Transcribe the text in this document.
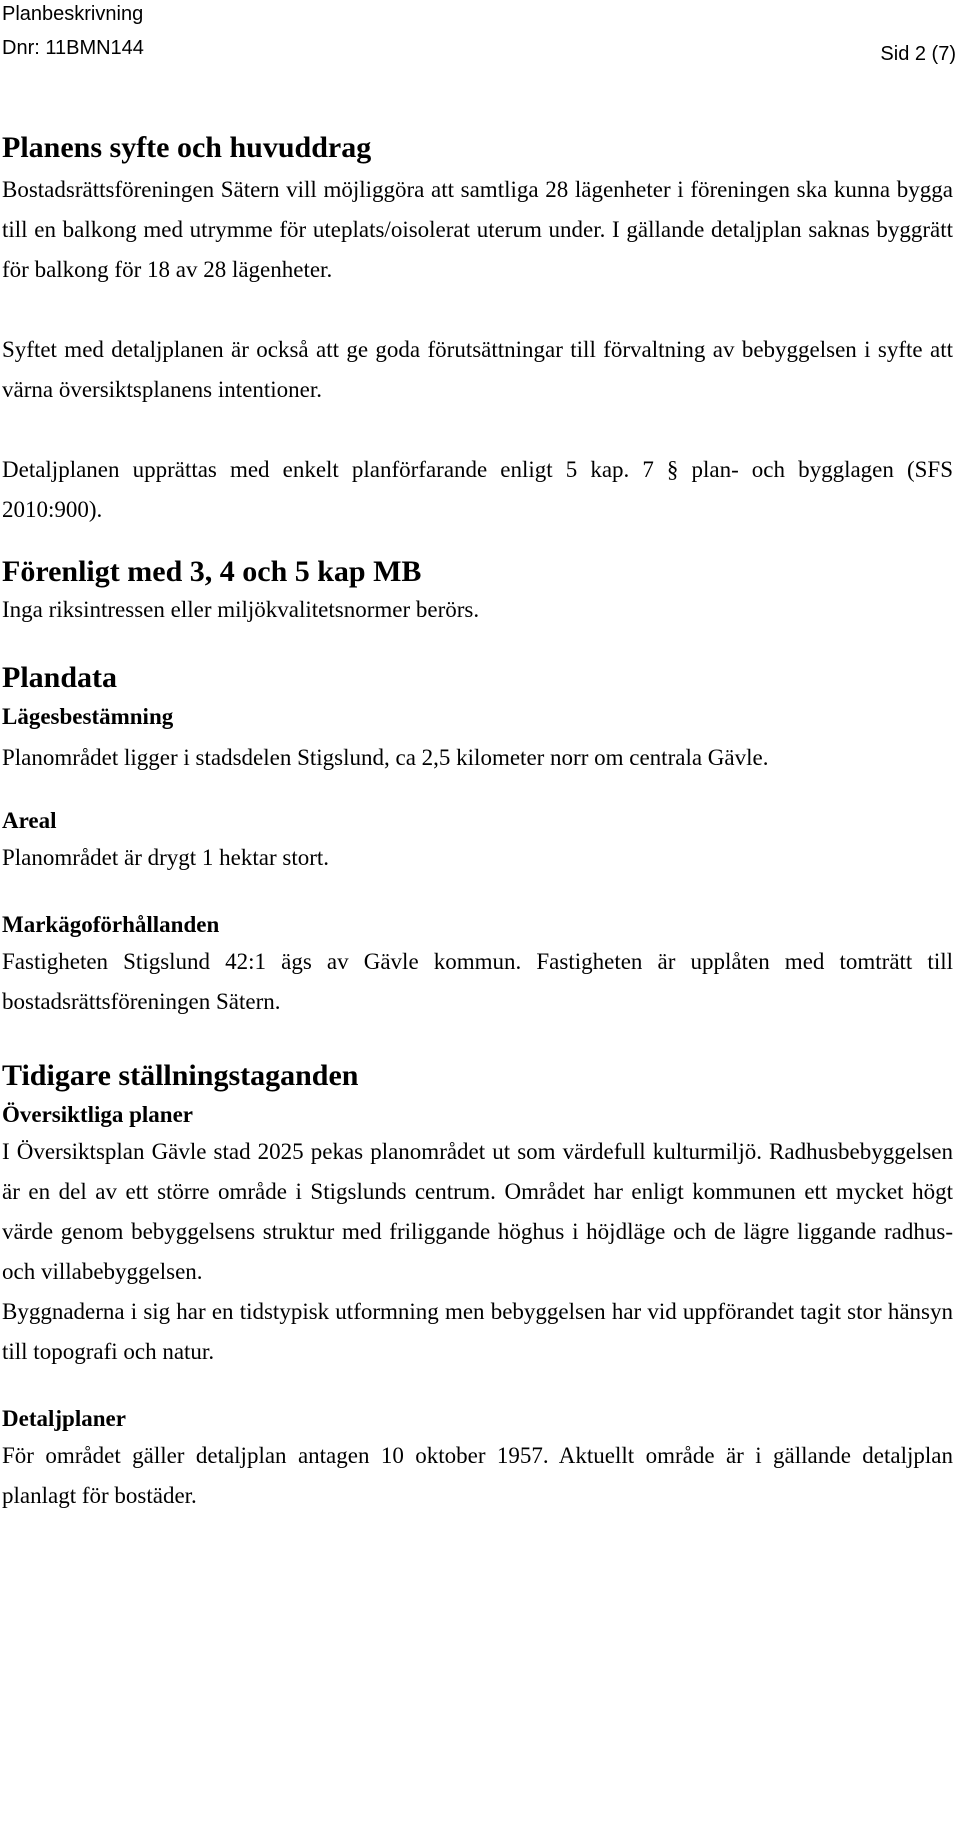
Planbeskrivning
Dnr: 11BMN144	Sid 2 (7)
Planens syfte och huvuddrag

Bostadsrättsföreningen Sätern vill möjliggöra att samtliga 28 lägenheter i föreningen ska kunna bygga till en balkong med utrymme för uteplats/oisolerat uterum under. I gällande detaljplan saknas byggrätt för balkong för 18 av 28 lägenheter.

Syftet med detaljplanen är också att ge goda förutsättningar till förvaltning av bebyggelsen i syfte att värna översiktsplanens intentioner.

Detaljplanen upprättas med enkelt planförfarande enligt 5 kap. 7 § plan- och bygglagen (SFS 2010:900).

Förenligt med 3, 4 och 5 kap MB

Inga riksintressen eller miljökvalitetsnormer berörs.

Plandata
Lägesbestämning

Planområdet ligger i stadsdelen Stigslund, ca 2,5 kilometer norr om centrala Gävle.

Areal

Planområdet är drygt 1 hektar stort.

Markägoförhållanden

Fastigheten Stigslund 42:1 ägs av Gävle kommun. Fastigheten är upplåten med tomträtt till bostadsrättsföreningen Sätern.

Tidigare ställningstaganden
Översiktliga planer

I Översiktsplan Gävle stad 2025 pekas planområdet ut som värdefull kulturmiljö. Radhusbebyggelsen är en del av ett större område i Stigslunds centrum. Området har enligt kommunen ett mycket högt värde genom bebyggelsens struktur med friliggande höghus i höjdläge och de lägre liggande radhus- och villabebyggelsen.

Byggnaderna i sig har en tidstypisk utformning men bebyggelsen har vid uppförandet tagit stor hänsyn till topografi och natur.

Detaljplaner

För området gäller detaljplan antagen 10 oktober 1957. Aktuellt område är i gällande detaljplan planlagt för bostäder.
